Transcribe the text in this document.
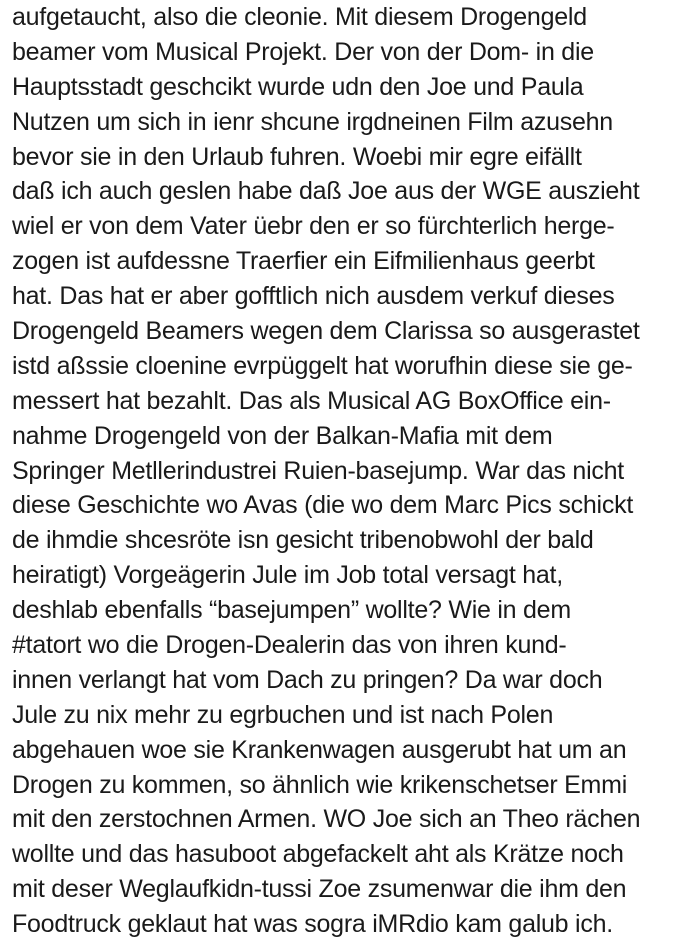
aufgetaucht, also die cleonie. Mit diesem Drogengeld
beamer vom Musical Projekt. Der von der Dom- in die
Hauptsstadt geschcikt wurde udn den Joe und Paula
Nutzen um sich in ienr shcune irgdneinen Film azusehn
bevor sie in den Urlaub fuhren. Woebi mir egre eifällt
daß ich auch geslen habe daß Joe aus der WGE auszieht
wiel er von dem Vater üebr den er so fürchterlich herge-
zogen ist aufdessne Traerfier ein Eifmilienhaus geerbt
hat. Das hat er aber gofftlich nich ausdem verkuf dieses
Drogengeld Beamers wegen dem Clarissa so ausgerastet
istd aßssie cloenine evrpüggelt hat worufhin diese sie ge-
messert hat bezahlt. Das als Musical AG BoxOffice ein-
nahme Drogengeld von der Balkan-Mafia mit dem
Springer Metllerindustrei Ruien-basejump. War das nicht
diese Geschichte wo Avas (die wo dem Marc Pics schickt
de ihmdie shcesröte isn gesicht tribenobwohl der bald
heiratigt) Vorgeägerin Jule im Job total versagt hat,
deshlab ebenfalls “basejumpen” wollte? Wie in dem
#tatort wo die Drogen-Dealerin das von ihren kund-
innen verlangt hat vom Dach zu pringen? Da war doch
Jule zu nix mehr zu egrbuchen und ist nach Polen
abgehauen woe sie Krankenwagen ausgerubt hat um an
Drogen zu kommen, so ähnlich wie krikenschetser Emmi
mit den zerstochnen Armen. WO Joe sich an Theo rächen
wollte und das hasuboot abgefackelt aht als Krätze noch
mit deser Weglaufkidn-tussi Zoe zsumenwar die ihm den
Foodtruck geklaut hat was sogra iMRdio kam galub ich.
